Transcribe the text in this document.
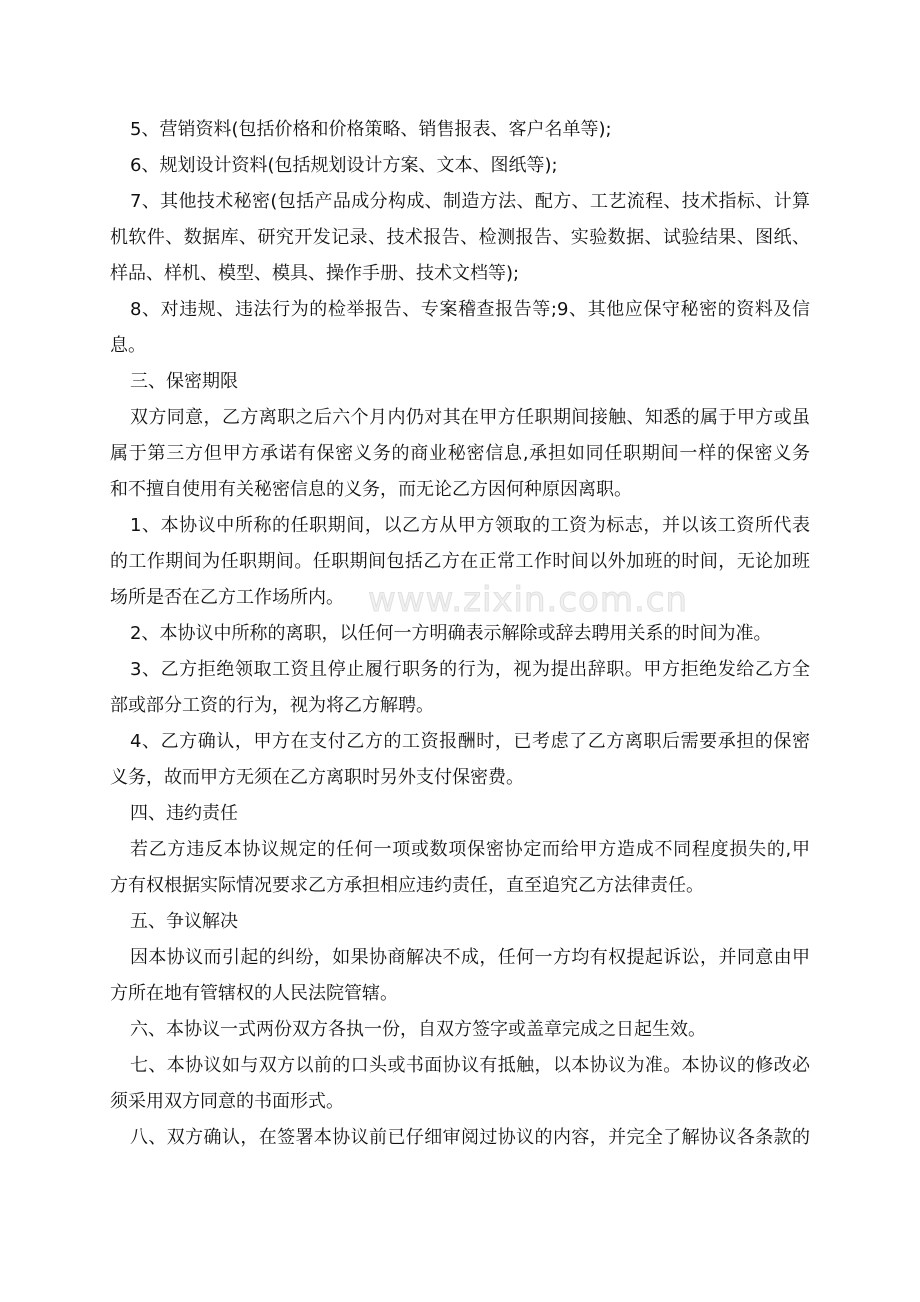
www.zixin.com.cn
5、营销资料(包括价格和价格策略、销售报表、客户名单等);
6、规划设计资料(包括规划设计方案、文本、图纸等);
7、其他技术秘密(包括产品成分构成、制造方法、配方、工艺流程、技术指标、计算
机软件、数据库、研究开发记录、技术报告、检测报告、实验数据、试验结果、图纸、
样品、样机、模型、模具、操作手册、技术文档等);
8、对违规、违法行为的检举报告、专案稽查报告等;9、其他应保守秘密的资料及信
息。
三、保密期限
双方同意，乙方离职之后六个月内仍对其在甲方任职期间接触、知悉的属于甲方或虽
属于第三方但甲方承诺有保密义务的商业秘密信息,承担如同任职期间一样的保密义务
和不擅自使用有关秘密信息的义务，而无论乙方因何种原因离职。
1、本协议中所称的任职期间，以乙方从甲方领取的工资为标志，并以该工资所代表
的工作期间为任职期间。任职期间包括乙方在正常工作时间以外加班的时间，无论加班
场所是否在乙方工作场所内。
2、本协议中所称的离职，以任何一方明确表示解除或辞去聘用关系的时间为准。
3、乙方拒绝领取工资且停止履行职务的行为，视为提出辞职。甲方拒绝发给乙方全
部或部分工资的行为，视为将乙方解聘。
4、乙方确认，甲方在支付乙方的工资报酬时，已考虑了乙方离职后需要承担的保密
义务，故而甲方无须在乙方离职时另外支付保密费。
四、违约责任
若乙方违反本协议规定的任何一项或数项保密协定而给甲方造成不同程度损失的,甲
方有权根据实际情况要求乙方承担相应违约责任，直至追究乙方法律责任。
五、争议解决
因本协议而引起的纠纷，如果协商解决不成，任何一方均有权提起诉讼，并同意由甲
方所在地有管辖权的人民法院管辖。
六、本协议一式两份双方各执一份，自双方签字或盖章完成之日起生效。
七、本协议如与双方以前的口头或书面协议有抵触，以本协议为准。本协议的修改必
须采用双方同意的书面形式。
八、双方确认，在签署本协议前已仔细审阅过协议的内容，并完全了解协议各条款的
